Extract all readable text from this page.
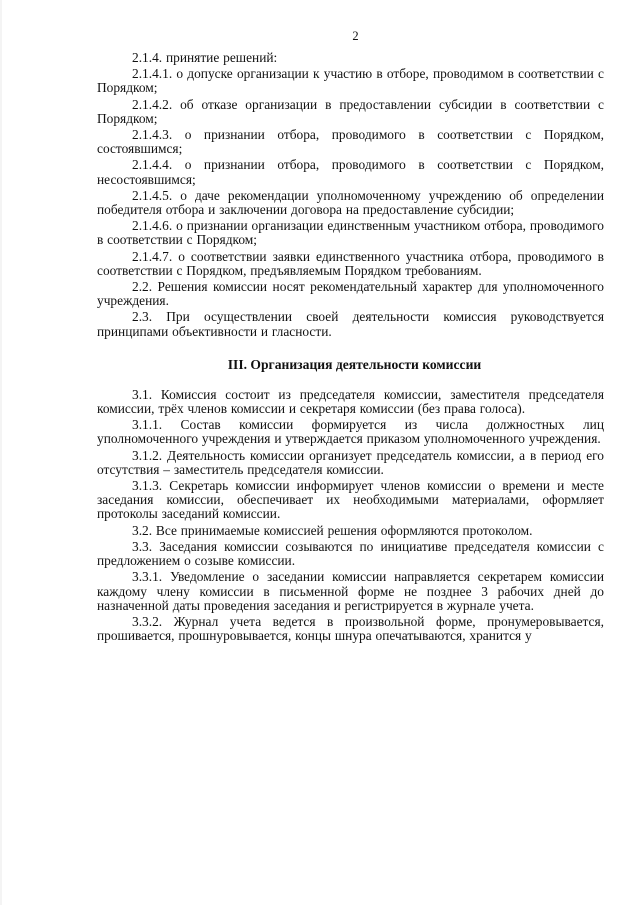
2

2.1.4. принятие решений:

2.1.4.1. о допуске организации к участию в отборе, проводимом в соответствии с Порядком;

2.1.4.2. об отказе организации в предоставлении субсидии в соответствии с Порядком;

2.1.4.3. о признании отбора, проводимого в соответствии с Порядком, состоявшимся;

2.1.4.4. о признании отбора, проводимого в соответствии с Порядком, несостоявшимся;

2.1.4.5. о даче рекомендации уполномоченному учреждению об определении победителя отбора и заключении договора на предоставление субсидии;

2.1.4.6. о признании организации единственным участником отбора, проводимого в соответствии с Порядком;

2.1.4.7. о соответствии заявки единственного участника отбора, проводимого в соответствии с Порядком, предъявляемым Порядком требованиям.

2.2. Решения комиссии носят рекомендательный характер для уполномоченного учреждения.

2.3. При осуществлении своей деятельности комиссия руководствуется принципами объективности и гласности.

III. Организация деятельности комиссии

3.1. Комиссия состоит из председателя комиссии, заместителя председателя комиссии, трёх членов комиссии и секретаря комиссии (без права голоса).

3.1.1. Состав комиссии формируется из числа должностных лиц уполномоченного учреждения и утверждается приказом уполномоченного учреждения.

3.1.2. Деятельность комиссии организует председатель комиссии, а в период его отсутствия – заместитель председателя комиссии.

3.1.3. Секретарь комиссии информирует членов комиссии о времени и месте заседания комиссии, обеспечивает их необходимыми материалами, оформляет протоколы заседаний комиссии.

3.2. Все принимаемые комиссией решения оформляются протоколом.

3.3. Заседания комиссии созываются по инициативе председателя комиссии с предложением о созыве комиссии.

3.3.1. Уведомление о заседании комиссии направляется секретарем комиссии каждому члену комиссии в письменной форме не позднее 3 рабочих дней до назначенной даты проведения заседания и регистрируется в журнале учета.

3.3.2. Журнал учета ведется в произвольной форме, пронумеровывается, прошивается, прошнуровывается, концы шнура опечатываются, хранится у
